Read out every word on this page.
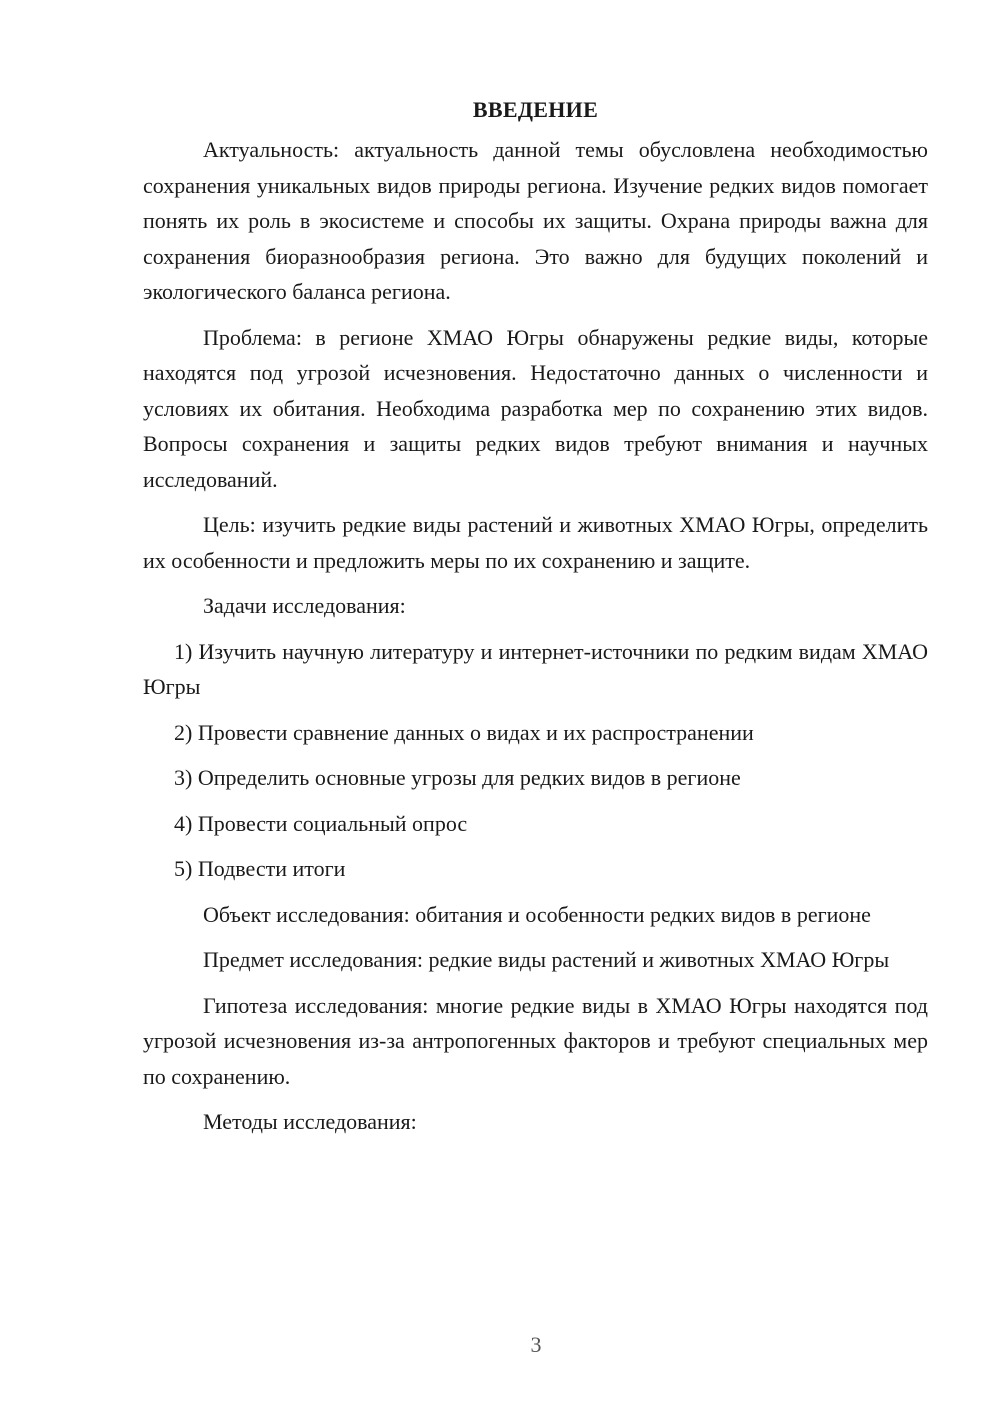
ВВЕДЕНИЕ

Актуальность: актуальность данной темы обусловлена необходимостью сохранения уникальных видов природы региона. Изучение редких видов помогает понять их роль в экосистеме и способы их защиты. Охрана природы важна для сохранения биоразнообразия региона. Это важно для будущих поколений и экологического баланса региона.

Проблема: в регионе ХМАО Югры обнаружены редкие виды, которые находятся под угрозой исчезновения. Недостаточно данных о численности и условиях их обитания. Необходима разработка мер по сохранению этих видов. Вопросы сохранения и защиты редких видов требуют внимания и научных исследований.

Цель: изучить редкие виды растений и животных ХМАО Югры, определить их особенности и предложить меры по их сохранению и защите.

Задачи исследования:

1) Изучить научную литературу и интернет-источники по редким видам ХМАО Югры

2) Провести сравнение данных о видах и их распространении

3) Определить основные угрозы для редких видов в регионе

4) Провести социальный опрос

5) Подвести итоги

Объект исследования: обитания и особенности редких видов в регионе

Предмет исследования: редкие виды растений и животных ХМАО Югры

Гипотеза исследования: многие редкие виды в ХМАО Югры находятся под угрозой исчезновения из-за антропогенных факторов и требуют специальных мер по сохранению.

Методы исследования:

3
